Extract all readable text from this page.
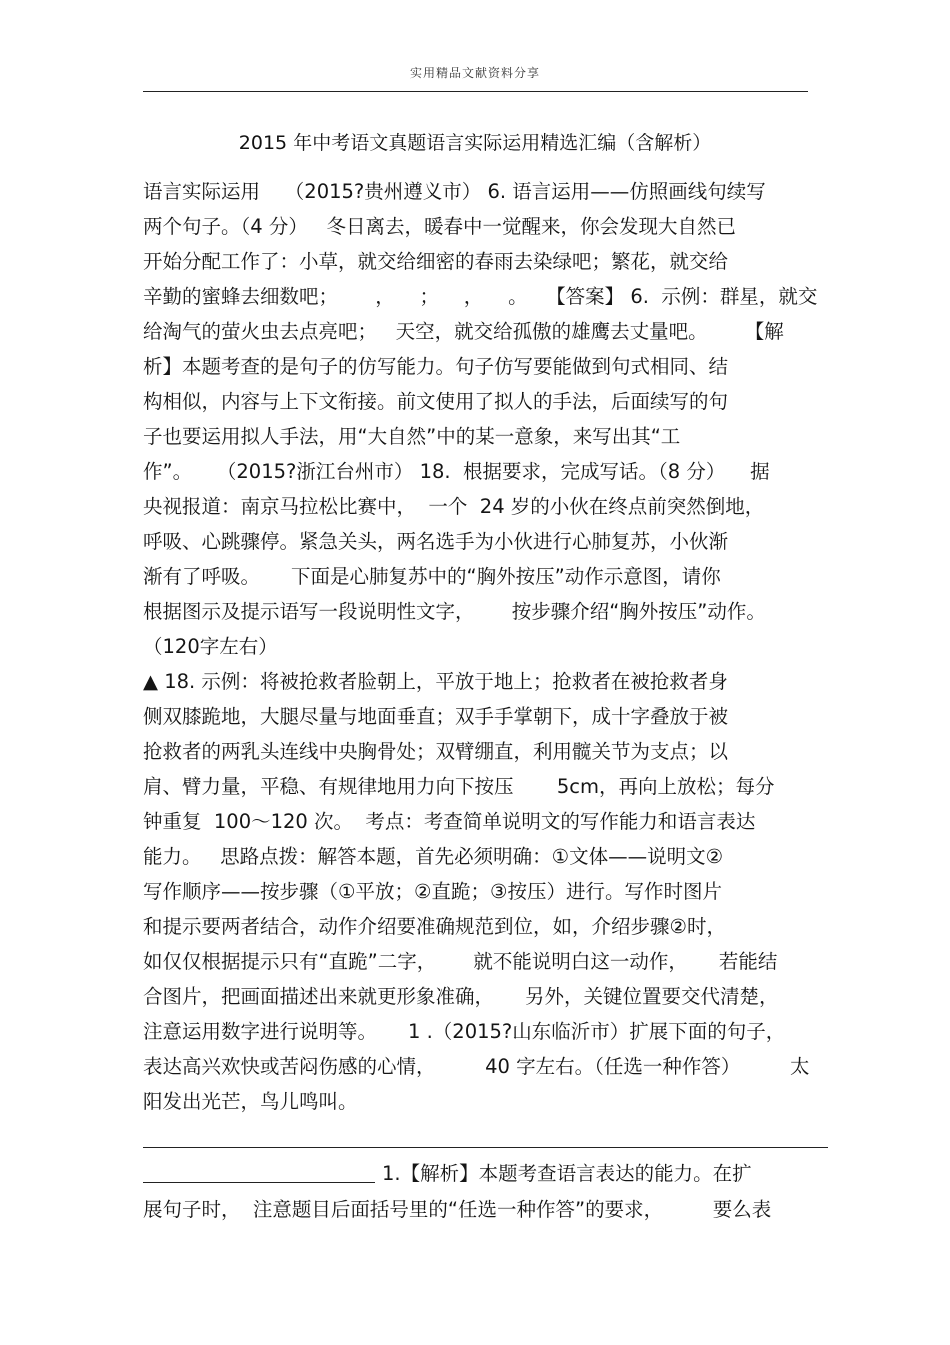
实用精品文献资料分享
2015 年中考语文真题语言实际运用精选汇编（含解析）
语言实际运用    （2015?贵州遵义市） 6. 语言运用——仿照画线句续写
两个句子。（4 分）   冬日离去，暖春中一觉醒来，你会发现大自然已
开始分配工作了：小草，就交给细密的春雨去染绿吧；繁花，就交给
辛勤的蜜蜂去细数吧；      ，    ；    ，    。   【答案】 6.  示例：群星，就交
给淘气的萤火虫去点亮吧；   天空，就交给孤傲的雄鹰去丈量吧。      【解
析】本题考查的是句子的仿写能力。句子仿写要能做到句式相同、结
构相似，内容与上下文衔接。前文使用了拟人的手法，后面续写的句
子也要运用拟人手法，用“大自然”中的某一意象，来写出其“工
作”。    （2015?浙江台州市） 18.  根据要求，完成写话。（8 分）    据
央视报道：南京马拉松比赛中，  一个  24 岁的小伙在终点前突然倒地，
呼吸、心跳骤停。紧急关头，两名选手为小伙进行心肺复苏，小伙渐
渐有了呼吸。     下面是心肺复苏中的“胸外按压”动作示意图，请你
根据图示及提示语写一段说明性文字，      按步骤介绍“胸外按压”动作。
（120字左右）
▲ 18. 示例：将被抢救者脸朝上，平放于地上；抢救者在被抢救者身
侧双膝跪地，大腿尽量与地面垂直；双手手掌朝下，成十字叠放于被
抢救者的两乳头连线中央胸骨处；双臂绷直，利用髋关节为支点；以
肩、臂力量，平稳、有规律地用力向下按压       5cm，再向上放松；每分
钟重复  100～120 次。  考点：考查简单说明文的写作能力和语言表达
能力。   思路点拨：解答本题，首先必须明确：①文体——说明文②
写作顺序——按步骤（①平放；②直跪；③按压）进行。写作时图片
和提示要两者结合，动作介绍要准确规范到位，如，介绍步骤②时，
如仅仅根据提示只有“直跪”二字，      就不能说明白这一动作，     若能结
合图片，把画面描述出来就更形象准确，     另外，关键位置要交代清楚，
注意运用数字进行说明等。     1 .（2015?山东临沂市）扩展下面的句子，
表达高兴欢快或苦闷伤感的心情，        40 字左右。（任选一种作答）        太
阳发出光芒，鸟儿鸣叫。
1.【解析】本题考查语言表达的能力。在扩
展句子时，  注意题目后面括号里的“任选一种作答”的要求，        要么表
